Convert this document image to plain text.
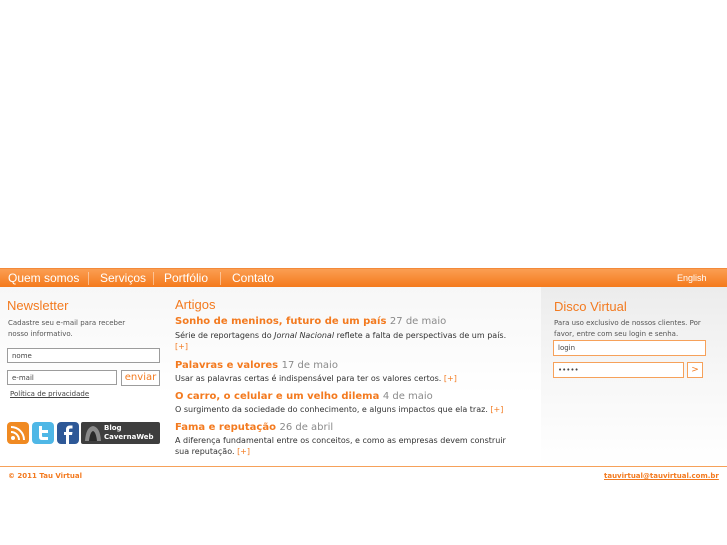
Quem somos Serviços Portfólio Contato	English
Newsletter
Cadastre seu e-mail para receber
nosso informativo.
nome
e-mail	enviar
Política de privacidade
Blog
CavernaWeb
Artigos
Sonho de meninos, futuro de um país 27 de maio
Série de reportagens do Jornal Nacional reflete a falta de perspectivas de um país.
[+]
Palavras e valores 17 de maio
Usar as palavras certas é indispensável para ter os valores certos. [+]
O carro, o celular e um velho dilema 4 de maio
O surgimento da sociedade do conhecimento, e alguns impactos que ela traz. [+]
Fama e reputação 26 de abril
A diferença fundamental entre os conceitos, e como as empresas devem construir
sua reputação. [+]
Disco Virtual
Para uso exclusivo de nossos clientes. Por
favor, entre com seu login e senha.
login
•••••	>
© 2011 Tau Virtual	tauvirtual@tauvirtual.com.br
